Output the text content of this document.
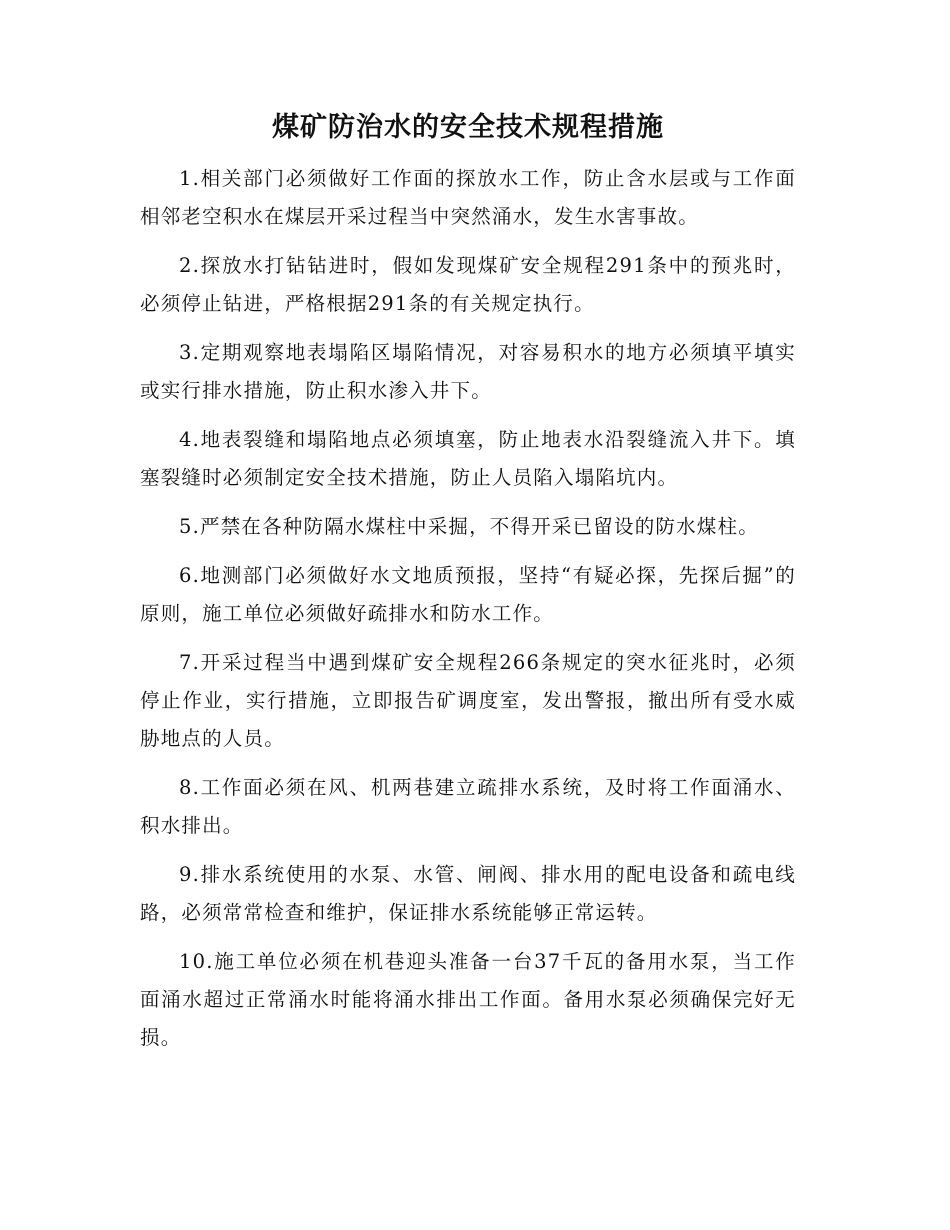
煤矿防治水的安全技术规程措施

1.相关部门必须做好工作面的探放水工作，防止含水层或与工作面相邻老空积水在煤层开采过程当中突然涌水，发生水害事故。

2.探放水打钻钻进时，假如发现煤矿安全规程291条中的预兆时，必须停止钻进，严格根据291条的有关规定执行。

3.定期观察地表塌陷区塌陷情况，对容易积水的地方必须填平填实或实行排水措施，防止积水渗入井下。

4.地表裂缝和塌陷地点必须填塞，防止地表水沿裂缝流入井下。填塞裂缝时必须制定安全技术措施，防止人员陷入塌陷坑内。

5.严禁在各种防隔水煤柱中采掘，不得开采已留设的防水煤柱。

6.地测部门必须做好水文地质预报，坚持“有疑必探，先探后掘”的原则，施工单位必须做好疏排水和防水工作。

7.开采过程当中遇到煤矿安全规程266条规定的突水征兆时，必须停止作业，实行措施，立即报告矿调度室，发出警报，撤出所有受水威胁地点的人员。

8.工作面必须在风、机两巷建立疏排水系统，及时将工作面涌水、积水排出。

9.排水系统使用的水泵、水管、闸阀、排水用的配电设备和疏电线路，必须常常检查和维护，保证排水系统能够正常运转。

10.施工单位必须在机巷迎头准备一台37千瓦的备用水泵，当工作面涌水超过正常涌水时能将涌水排出工作面。备用水泵必须确保完好无损。
